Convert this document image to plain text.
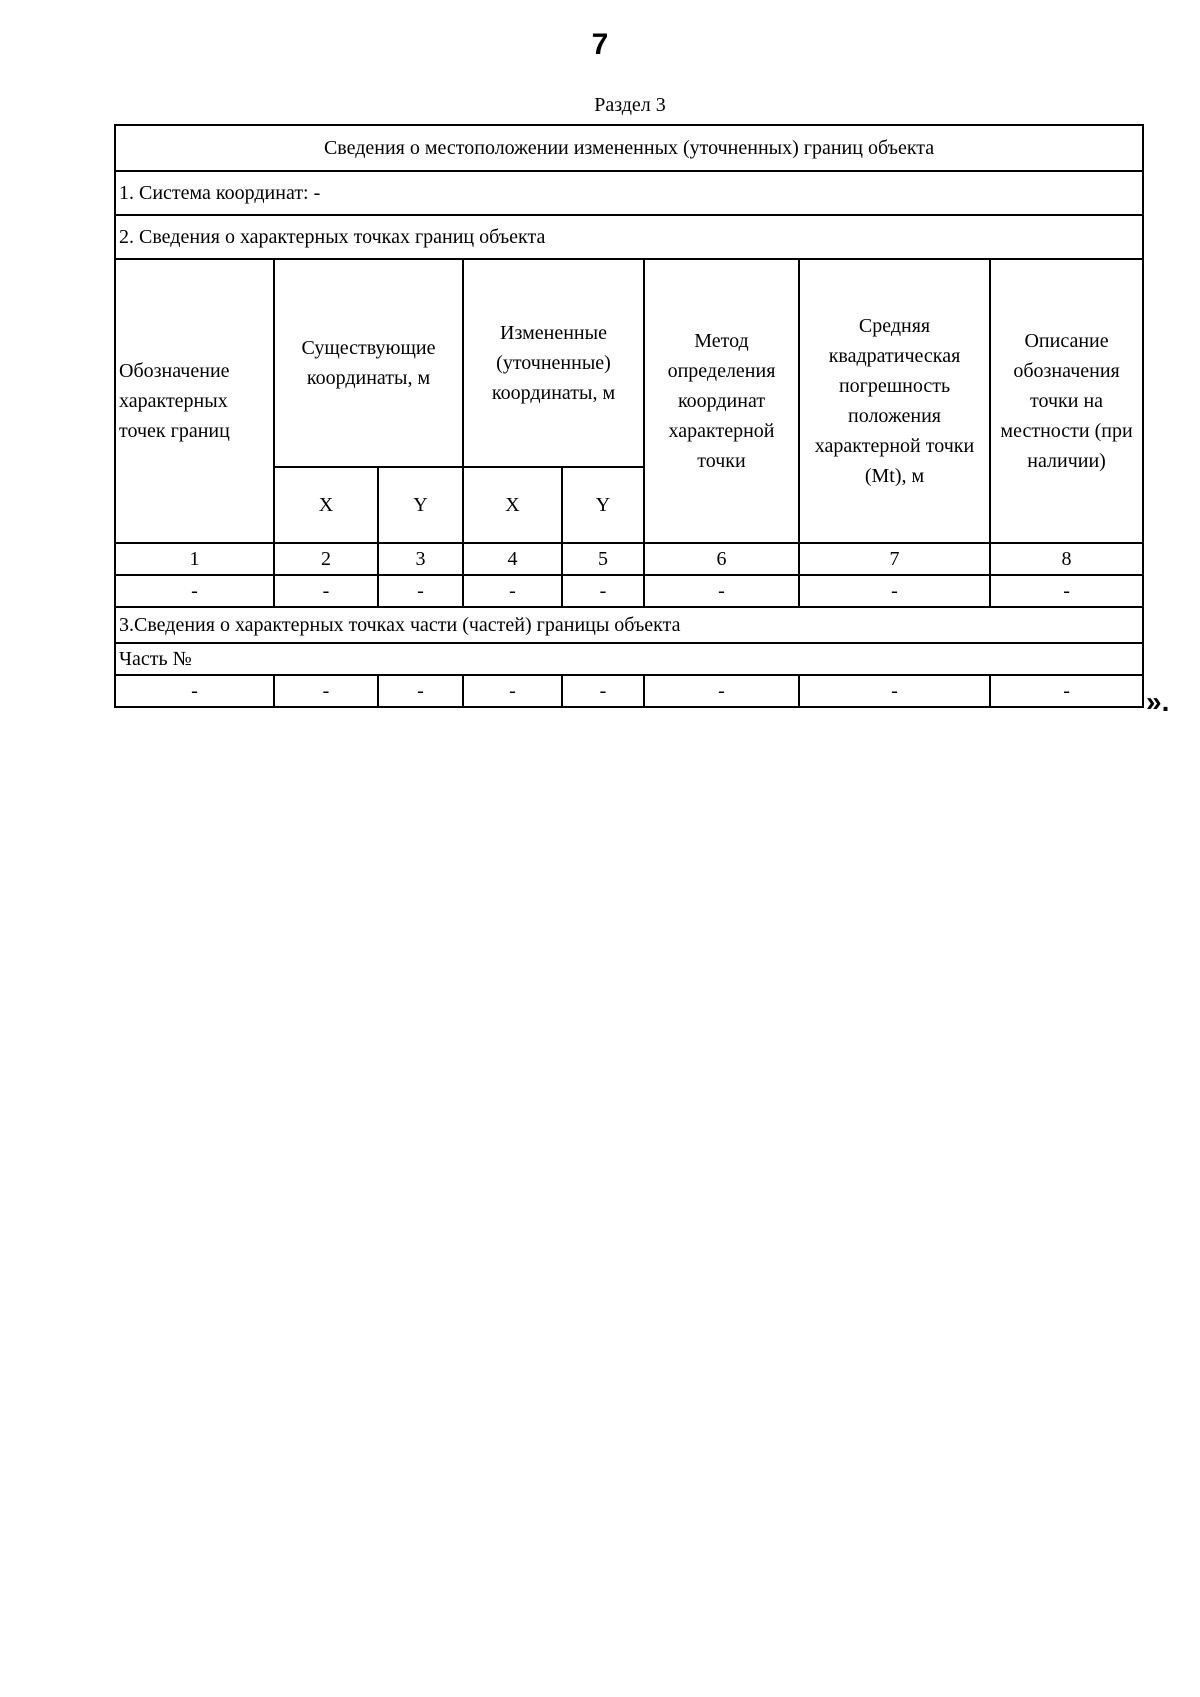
7
Раздел 3
Сведения о местоположении измененных (уточненных) границ объекта							
1. Система координат: -							
2. Сведения о характерных точках границ объекта							
Обозначение характерных точек границ	Существующие координаты, м		Измененные (уточненные) координаты, м		Метод определения координат характерной точки	Средняя квадратическая погрешность положения характерной точки (Mt), м	Описание обозначения точки на местности (при наличии)
	X	Y	X	Y			
1	2	3	4	5	6	7	8
-	-	-	-	-	-	-	-
3.Сведения о характерных точках части (частей) границы объекта							
Часть №							
-	-	-	-	-	-	-	-	».
